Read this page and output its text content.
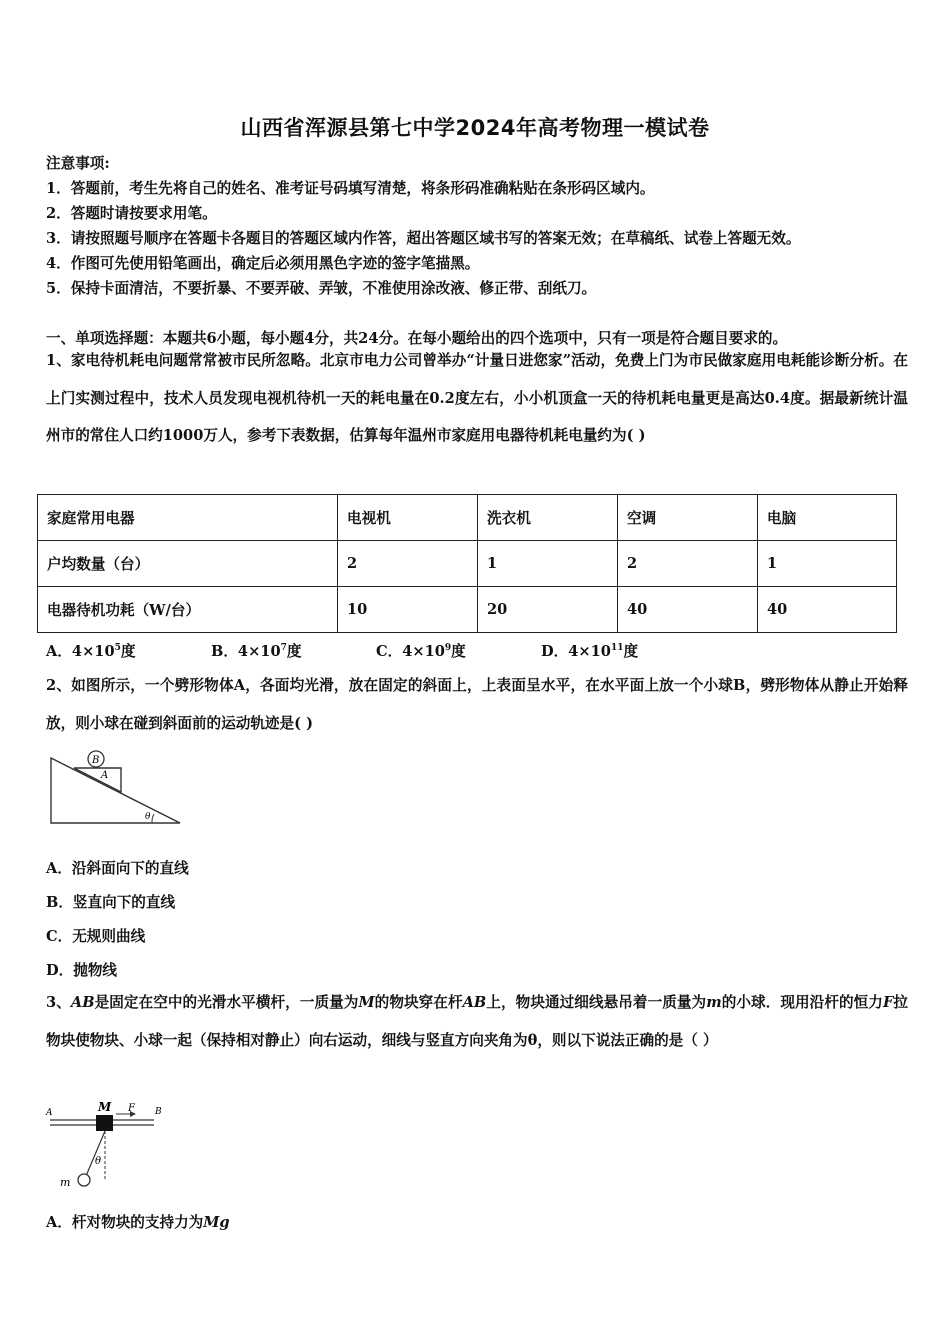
山西省浑源县第七中学2024年高考物理一模试卷
注意事项:
1．答题前，考生先将自己的姓名、准考证号码填写清楚，将条形码准确粘贴在条形码区域内。
2．答题时请按要求用笔。
3．请按照题号顺序在答题卡各题目的答题区域内作答，超出答题区域书写的答案无效；在草稿纸、试卷上答题无效。
4．作图可先使用铅笔画出，确定后必须用黑色字迹的签字笔描黑。
5．保持卡面清洁，不要折暴、不要弄破、弄皱，不准使用涂改液、修正带、刮纸刀。
一、单项选择题：本题共6小题，每小题4分，共24分。在每小题给出的四个选项中，只有一项是符合题目要求的。
1、家电待机耗电问题常常被市民所忽略。北京市电力公司曾举办“计量日进您家”活动，免费上门为市民做家庭用电耗能诊断分析。在上门实测过程中，技术人员发现电视机待机一天的耗电量在0.2度左右，小小机顶盒一天的待机耗电量更是高达0.4度。据最新统计温州市的常住人口约1000万人，参考下表数据，估算每年温州市家庭用电器待机耗电量约为( )
家庭常用电器	电视机	洗衣机	空调	电脑
户均数量（台）	2	1	2	1
电器待机功耗（W/台）	10	20	40	40
A．$4\times 10^5$度	B．$4\times 10^7$度	C．$4\times 10^9$度	D．$4\times 10^{11}$度
2、如图所示，一个劈形物体A，各面均光滑，放在固定的斜面上，上表面呈水平，在水平面上放一个小球B，劈形物体从静止开始释放，则小球在碰到斜面前的运动轨迹是( )
B
A
θ
A．沿斜面向下的直线
B．竖直向下的直线
C．无规则曲线
D．抛物线
3、AB是固定在空中的光滑水平横杆，一质量为M的物块穿在杆AB上，物块通过细线悬吊着一质量为m的小球．现用沿杆的恒力F拉物块使物块、小球一起（保持相对静止）向右运动，细线与竖直方向夹角为θ，则以下说法正确的是（ ）
A	B
M F
m
θ
A．杆对物块的支持力为Mg
